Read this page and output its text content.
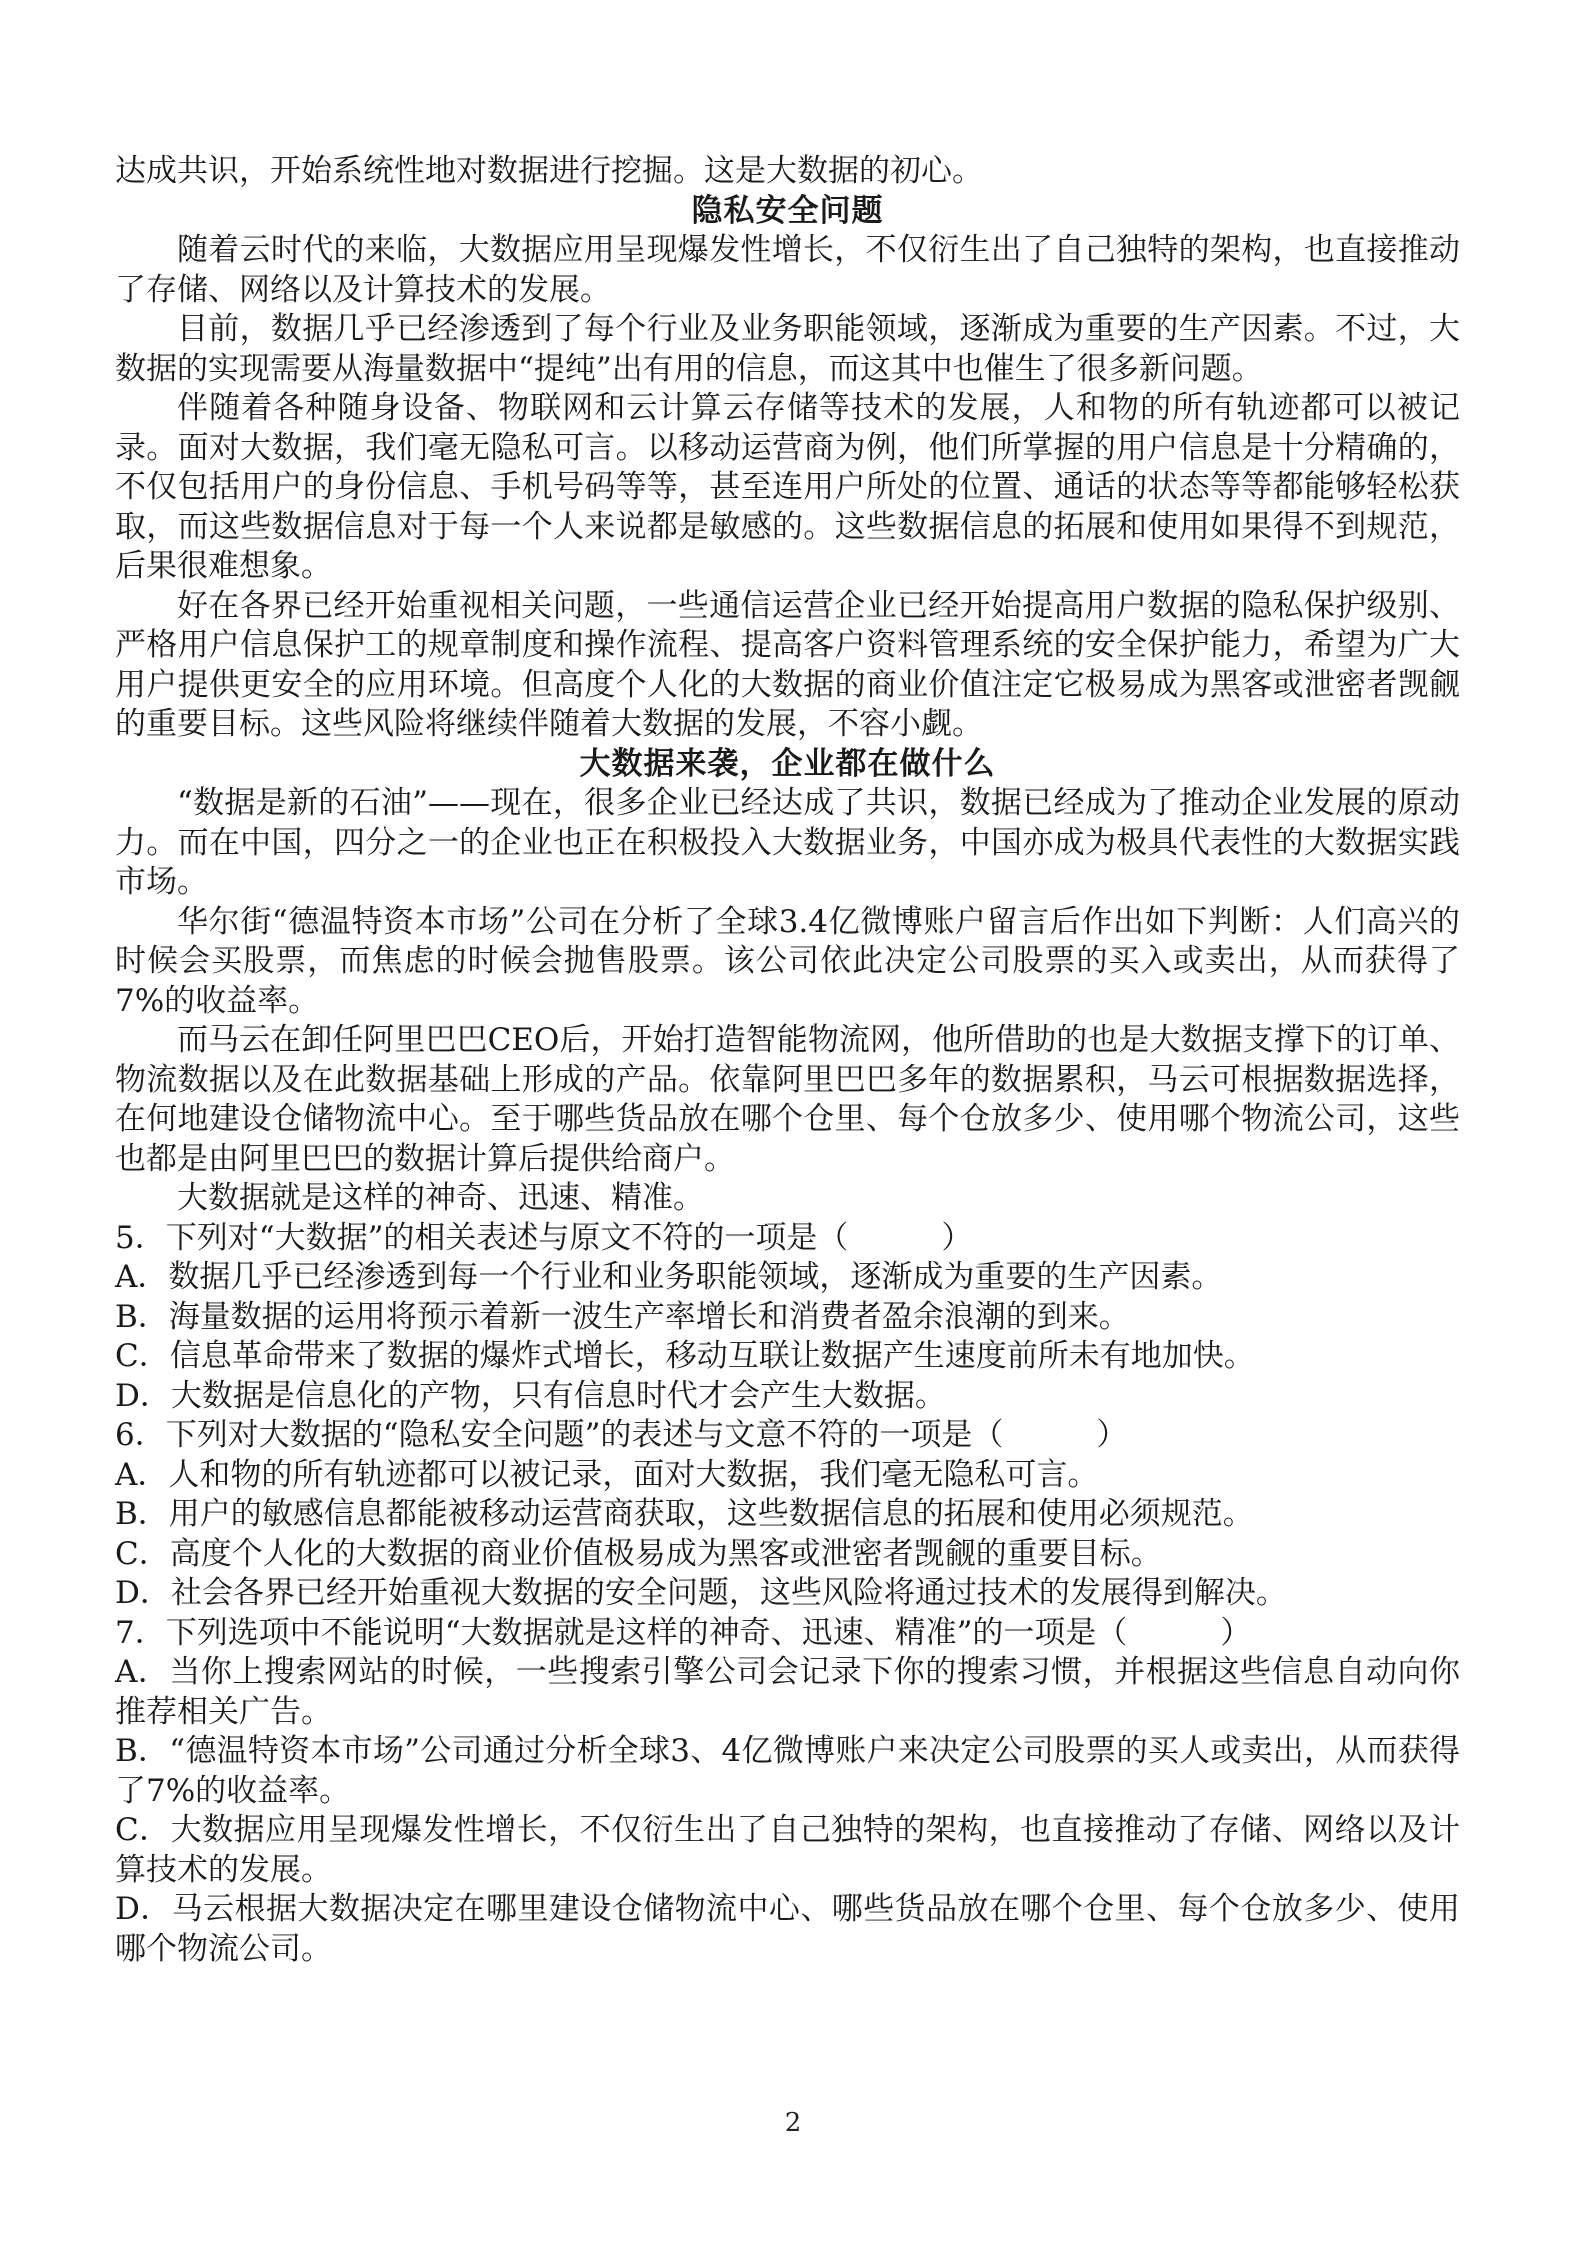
达成共识，开始系统性地对数据进行挖掘。这是大数据的初心。

隐私安全问题

随着云时代的来临，大数据应用呈现爆发性增长，不仅衍生出了自己独特的架构，也直接推动了存储、网络以及计算技术的发展。

目前，数据几乎已经渗透到了每个行业及业务职能领域，逐渐成为重要的生产因素。不过，大数据的实现需要从海量数据中“提纯”出有用的信息，而这其中也催生了很多新问题。

伴随着各种随身设备、物联网和云计算云存储等技术的发展，人和物的所有轨迹都可以被记录。面对大数据，我们毫无隐私可言。以移动运营商为例，他们所掌握的用户信息是十分精确的，不仅包括用户的身份信息、手机号码等等，甚至连用户所处的位置、通话的状态等等都能够轻松获取，而这些数据信息对于每一个人来说都是敏感的。这些数据信息的拓展和使用如果得不到规范，后果很难想象。

好在各界已经开始重视相关问题，一些通信运营企业已经开始提高用户数据的隐私保护级别、严格用户信息保护工的规章制度和操作流程、提高客户资料管理系统的安全保护能力，希望为广大用户提供更安全的应用环境。但高度个人化的大数据的商业价值注定它极易成为黑客或泄密者觊觎的重要目标。这些风险将继续伴随着大数据的发展，不容小觑。

大数据来袭，企业都在做什么

“数据是新的石油”——现在，很多企业已经达成了共识，数据已经成为了推动企业发展的原动力。而在中国，四分之一的企业也正在积极投入大数据业务，中国亦成为极具代表性的大数据实践市场。

华尔街“德温特资本市场”公司在分析了全球3.4亿微博账户留言后作出如下判断：人们高兴的时候会买股票，而焦虑的时候会抛售股票。该公司依此决定公司股票的买入或卖出，从而获得了7%的收益率。

而马云在卸任阿里巴巴CEO后，开始打造智能物流网，他所借助的也是大数据支撑下的订单、物流数据以及在此数据基础上形成的产品。依靠阿里巴巴多年的数据累积，马云可根据数据选择，在何地建设仓储物流中心。至于哪些货品放在哪个仓里、每个仓放多少、使用哪个物流公司，这些也都是由阿里巴巴的数据计算后提供给商户。

大数据就是这样的神奇、迅速、精准。

5．下列对“大数据”的相关表述与原文不符的一项是（　　　）

A．数据几乎已经渗透到每一个行业和业务职能领域，逐渐成为重要的生产因素。

B．海量数据的运用将预示着新一波生产率增长和消费者盈余浪潮的到来。

C．信息革命带来了数据的爆炸式增长，移动互联让数据产生速度前所未有地加快。

D．大数据是信息化的产物，只有信息时代才会产生大数据。

6．下列对大数据的“隐私安全问题”的表述与文意不符的一项是（　　　）

A．人和物的所有轨迹都可以被记录，面对大数据，我们毫无隐私可言。

B．用户的敏感信息都能被移动运营商获取，这些数据信息的拓展和使用必须规范。

C．高度个人化的大数据的商业价值极易成为黑客或泄密者觊觎的重要目标。

D．社会各界已经开始重视大数据的安全问题，这些风险将通过技术的发展得到解决。

7．下列选项中不能说明“大数据就是这样的神奇、迅速、精准”的一项是（　　　）

A．当你上搜索网站的时候，一些搜索引擎公司会记录下你的搜索习惯，并根据这些信息自动向你推荐相关广告。

B．“德温特资本市场”公司通过分析全球3、4亿微博账户来决定公司股票的买人或卖出，从而获得了7%的收益率。

C．大数据应用呈现爆发性增长，不仅衍生出了自己独特的架构，也直接推动了存储、网络以及计算技术的发展。

D．马云根据大数据决定在哪里建设仓储物流中心、哪些货品放在哪个仓里、每个仓放多少、使用哪个物流公司。

2
